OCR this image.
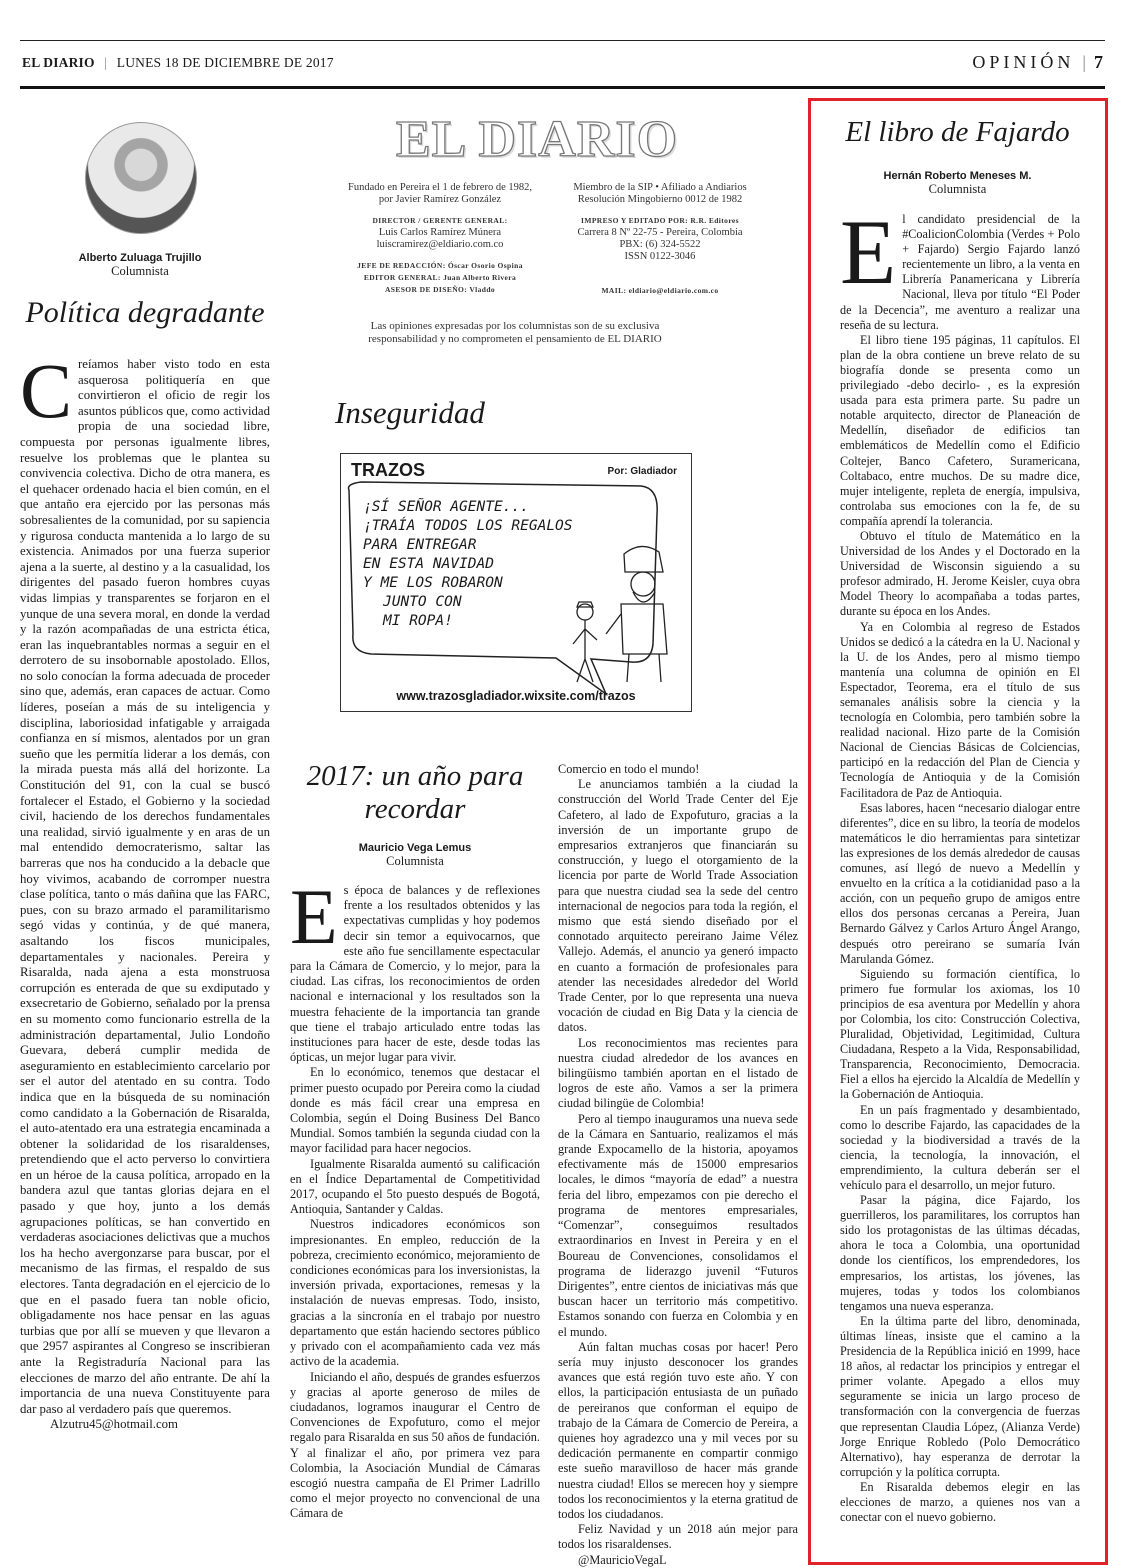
EL DIARIO | LUNES 18 DE DICIEMBRE DE 2017	OPINIÓN | 7
Alberto Zuluaga Trujillo
Columnista
Política degradante

Creíamos haber visto todo en esta asquerosa politiquería en que convirtieron el oficio de regir los asuntos públicos que, como actividad propia de una sociedad libre, compuesta por personas igualmente libres, resuelve los problemas que le plantea su convivencia colectiva. Dicho de otra manera, es el quehacer ordenado hacia el bien común, en el que antaño era ejercido por las personas más sobresalientes de la comunidad, por su sapiencia y rigurosa conducta mantenida a lo largo de su existencia. Animados por una fuerza superior ajena a la suerte, al destino y a la casualidad, los dirigentes del pasado fueron hombres cuyas vidas limpias y transparentes se forjaron en el yunque de una severa moral, en donde la verdad y la razón acompañadas de una estricta ética, eran las inquebrantables normas a seguir en el derrotero de su insobornable apostolado. Ellos, no solo conocían la forma adecuada de proceder sino que, además, eran capaces de actuar. Como líderes, poseían a más de su inteligencia y disciplina, laboriosidad infatigable y arraigada confianza en sí mismos, alentados por un gran sueño que les permitía liderar a los demás, con la mirada puesta más allá del horizonte. La Constitución del 91, con la cual se buscó fortalecer el Estado, el Gobierno y la sociedad civil, haciendo de los derechos fundamentales una realidad, sirvió igualmente y en aras de un mal entendido democraterismo, saltar las barreras que nos ha conducido a la debacle que hoy vivimos, acabando de corromper nuestra clase política, tanto o más dañina que las FARC, pues, con su brazo armado el paramilitarismo segó vidas y continúa, y de qué manera, asaltando los fiscos municipales, departamentales y nacionales. Pereira y Risaralda, nada ajena a esta monstruosa corrupción es enterada de que su exdiputado y exsecretario de Gobierno, señalado por la prensa en su momento como funcionario estrella de la administración departamental, Julio Londoño Guevara, deberá cumplir medida de aseguramiento en establecimiento carcelario por ser el autor del atentado en su contra. Todo indica que en la búsqueda de su nominación como candidato a la Gobernación de Risaralda, el auto-atentado era una estrategia encaminada a obtener la solidaridad de los risaraldenses, pretendiendo que el acto perverso lo convirtiera en un héroe de la causa política, arropado en la bandera azul que tantas glorias dejara en el pasado y que hoy, junto a los demás agrupaciones políticas, se han convertido en verdaderas asociaciones delictivas que a muchos los ha hecho avergonzarse para buscar, por el mecanismo de las firmas, el respaldo de sus electores. Tanta degradación en el ejercicio de lo que en el pasado fuera tan noble oficio, obligadamente nos hace pensar en las aguas turbias que por allí se mueven y que llevaron a que 2957 aspirantes al Congreso se inscribieran ante la Registraduría Nacional para las elecciones de marzo del año entrante. De ahí la importancia de una nueva Constituyente para dar paso al verdadero país que queremos.

Alzutru45@hotmail.com

EL DIARIO
Fundado en Pereira el 1 de febrero de 1982, por Javier Ramírez González
DIRECTOR / GERENTE GENERAL:
Luis Carlos Ramírez Múnera
luiscramirez@eldiario.com.co
JEFE DE REDACCIÓN: Óscar Osorio Ospina
EDITOR GENERAL: Juan Alberto Rivera
ASESOR DE DISEÑO: Vladdo
Miembro de la SIP • Afiliado a Andiarios Resolución Mingobierno 0012 de 1982
IMPRESO Y EDITADO POR: R.R. Editores
Carrera 8 Nº 22-75 - Pereira, Colombia
PBX: (6) 324-5522
ISSN 0122-3046
MAIL: eldiario@eldiario.com.co
Las opiniones expresadas por los columnistas son de su exclusiva responsabilidad y no comprometen el pensamiento de EL DIARIO
Inseguridad
TRAZOS	Por: Gladiador
¡SÍ SEÑOR AGENTE...
¡TRAÍA TODOS LOS REGALOS
PARA ENTREGAR
EN ESTA NAVIDAD
Y ME LOS ROBARON
JUNTO CON
MI ROPA!
www.trazosgladiador.wixsite.com/trazos
2017: un año para recordar
Mauricio Vega Lemus
Columnista

Es época de balances y de reflexiones frente a los resultados obtenidos y las expectativas cumplidas y hoy podemos decir sin temor a equivocarnos, que este año fue sencillamente espectacular para la Cámara de Comercio, y lo mejor, para la ciudad. Las cifras, los reconocimientos de orden nacional e internacional y los resultados son la muestra fehaciente de la importancia tan grande que tiene el trabajo articulado entre todas las instituciones para hacer de este, desde todas las ópticas, un mejor lugar para vivir.

En lo económico, tenemos que destacar el primer puesto ocupado por Pereira como la ciudad donde es más fácil crear una empresa en Colombia, según el Doing Business Del Banco Mundial. Somos también la segunda ciudad con la mayor facilidad para hacer negocios.

Igualmente Risaralda aumentó su calificación en el Índice Departamental de Competitividad 2017, ocupando el 5to puesto después de Bogotá, Antioquia, Santander y Caldas.

Nuestros indicadores económicos son impresionantes. En empleo, reducción de la pobreza, crecimiento económico, mejoramiento de condiciones económicas para los inversionistas, la inversión privada, exportaciones, remesas y la instalación de nuevas empresas. Todo, insisto, gracias a la sincronía en el trabajo por nuestro departamento que están haciendo sectores público y privado con el acompañamiento cada vez más activo de la academia.

Iniciando el año, después de grandes esfuerzos y gracias al aporte generoso de miles de ciudadanos, logramos inaugurar el Centro de Convenciones de Expofuturo, como el mejor regalo para Risaralda en sus 50 años de fundación. Y al finalizar el año, por primera vez para Colombia, la Asociación Mundial de Cámaras escogió nuestra campaña de El Primer Ladrillo como el mejor proyecto no convencional de una Cámara de

Comercio en todo el mundo!

Le anunciamos también a la ciudad la construcción del World Trade Center del Eje Cafetero, al lado de Expofuturo, gracias a la inversión de un importante grupo de empresarios extranjeros que financiarán su construcción, y luego el otorgamiento de la licencia por parte de World Trade Association para que nuestra ciudad sea la sede del centro internacional de negocios para toda la región, el mismo que está siendo diseñado por el connotado arquitecto pereirano Jaime Vélez Vallejo. Además, el anuncio ya generó impacto en cuanto a formación de profesionales para atender las necesidades alrededor del World Trade Center, por lo que representa una nueva vocación de ciudad en Big Data y la ciencia de datos.

Los reconocimientos mas recientes para nuestra ciudad alrededor de los avances en bilingüismo también aportan en el listado de logros de este año. Vamos a ser la primera ciudad bilingüe de Colombia!

Pero al tiempo inauguramos una nueva sede de la Cámara en Santuario, realizamos el más grande Expocamello de la historia, apoyamos efectivamente más de 15000 empresarios locales, le dimos “mayoría de edad” a nuestra feria del libro, empezamos con pie derecho el programa de mentores empresariales, “Comenzar”, conseguimos resultados extraordinarios en Invest in Pereira y en el Boureau de Convenciones, consolidamos el programa de liderazgo juvenil “Futuros Dirigentes”, entre cientos de iniciativas más que buscan hacer un territorio más competitivo. Estamos sonando con fuerza en Colombia y en el mundo.

Aún faltan muchas cosas por hacer! Pero sería muy injusto desconocer los grandes avances que está región tuvo este año. Y con ellos, la participación entusiasta de un puñado de pereiranos que conforman el equipo de trabajo de la Cámara de Comercio de Pereira, a quienes hoy agradezco una y mil veces por su dedicación permanente en compartir conmigo este sueño maravilloso de hacer más grande nuestra ciudad! Ellos se merecen hoy y siempre todos los reconocimientos y la eterna gratitud de todos los ciudadanos.

Feliz Navidad y un 2018 aún mejor para todos los risaraldenses.

@MauricioVegaL

El libro de Fajardo
Hernán Roberto Meneses M.
Columnista

El candidato presidencial de la #CoalicionColombia (Verdes + Polo + Fajardo) Sergio Fajardo lanzó recientemente un libro, a la venta en Librería Panamericana y Librería Nacional, lleva por título “El Poder de la Decencia”, me aventuro a realizar una reseña de su lectura.

El libro tiene 195 páginas, 11 capítulos. El plan de la obra contiene un breve relato de su biografía donde se presenta como un privilegiado -debo decirlo- , es la expresión usada para esta primera parte. Su padre un notable arquitecto, director de Planeación de Medellín, diseñador de edificios tan emblemáticos de Medellín como el Edificio Coltejer, Banco Cafetero, Suramericana, Coltabaco, entre muchos. De su madre dice, mujer inteligente, repleta de energía, impulsiva, controlaba sus emociones con la fe, de su compañía aprendí la tolerancia.

Obtuvo el título de Matemático en la Universidad de los Andes y el Doctorado en la Universidad de Wisconsin siguiendo a su profesor admirado, H. Jerome Keisler, cuya obra Model Theory lo acompañaba a todas partes, durante su época en los Andes.

Ya en Colombia al regreso de Estados Unidos se dedicó a la cátedra en la U. Nacional y la U. de los Andes, pero al mismo tiempo mantenía una columna de opinión en El Espectador, Teorema, era el título de sus semanales análisis sobre la ciencia y la tecnología en Colombia, pero también sobre la realidad nacional. Hizo parte de la Comisión Nacional de Ciencias Básicas de Colciencias, participó en la redacción del Plan de Ciencia y Tecnología de Antioquia y de la Comisión Facilitadora de Paz de Antioquia.

Esas labores, hacen “necesario dialogar entre diferentes”, dice en su libro, la teoría de modelos matemáticos le dio herramientas para sintetizar las expresiones de los demás alrededor de causas comunes, así llegó de nuevo a Medellín y envuelto en la crítica a la cotidianidad paso a la acción, con un pequeño grupo de amigos entre ellos dos personas cercanas a Pereira, Juan Bernardo Gálvez y Carlos Arturo Ángel Arango, después otro pereirano se sumaría Iván Marulanda Gómez.

Siguiendo su formación científica, lo primero fue formular los axiomas, los 10 principios de esa aventura por Medellín y ahora por Colombia, los cito: Construcción Colectiva, Pluralidad, Objetividad, Legitimidad, Cultura Ciudadana, Respeto a la Vida, Responsabilidad, Transparencia, Reconocimiento, Democracia. Fiel a ellos ha ejercido la Alcaldía de Medellín y la Gobernación de Antioquia.

En un país fragmentado y desambientado, como lo describe Fajardo, las capacidades de la sociedad y la biodiversidad a través de la ciencia, la tecnología, la innovación, el emprendimiento, la cultura deberán ser el vehículo para el desarrollo, un mejor futuro.

Pasar la página, dice Fajardo, los guerrilleros, los paramilitares, los corruptos han sido los protagonistas de las últimas décadas, ahora le toca a Colombia, una oportunidad donde los científicos, los emprendedores, los empresarios, los artistas, los jóvenes, las mujeres, todas y todos los colombianos tengamos una nueva esperanza.

En la última parte del libro, denominada, últimas líneas, insiste que el camino a la Presidencia de la República inició en 1999, hace 18 años, al redactar los principios y entregar el primer volante. Apegado a ellos muy seguramente se inicia un largo proceso de transformación con la convergencia de fuerzas que representan Claudia López, (Alianza Verde) Jorge Enrique Robledo (Polo Democrático Alternativo), hay esperanza de derrotar la corrupción y la política corrupta.

En Risaralda debemos elegir en las elecciones de marzo, a quienes nos van a conectar con el nuevo gobierno.
